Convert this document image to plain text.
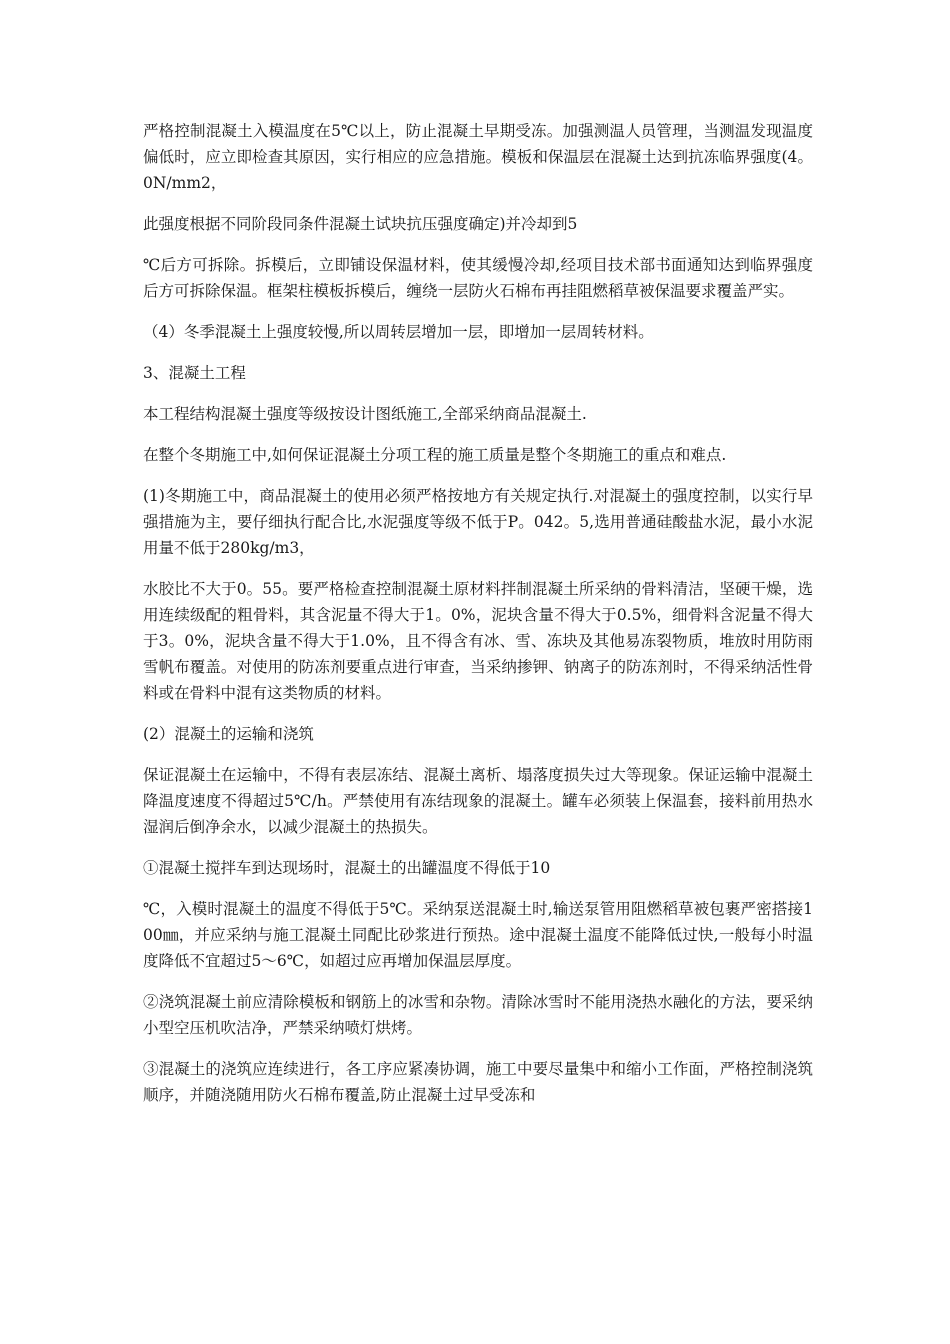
严格控制混凝土入模温度在5℃以上，防止混凝土早期受冻。加强测温人员管理，当测温发现温度偏低时，应立即检查其原因，实行相应的应急措施。模板和保温层在混凝土达到抗冻临界强度(4。0N/mm2，

此强度根据不同阶段同条件混凝土试块抗压强度确定)并冷却到5

℃后方可拆除。拆模后，立即铺设保温材料，使其缓慢冷却,经项目技术部书面通知达到临界强度后方可拆除保温。框架柱模板拆模后，缠绕一层防火石棉布再挂阻燃稻草被保温要求覆盖严实。

（4）冬季混凝土上强度较慢,所以周转层增加一层，即增加一层周转材料。

3、混凝土工程

本工程结构混凝土强度等级按设计图纸施工,全部采纳商品混凝土.

在整个冬期施工中,如何保证混凝土分项工程的施工质量是整个冬期施工的重点和难点.

(1)冬期施工中，商品混凝土的使用必须严格按地方有关规定执行.对混凝土的强度控制，以实行早强措施为主，要仔细执行配合比,水泥强度等级不低于P。042。5,选用普通硅酸盐水泥，最小水泥用量不低于280kg/m3，

水胶比不大于0。55。要严格检查控制混凝土原材料拌制混凝土所采纳的骨料清洁，坚硬干燥，选用连续级配的粗骨料，其含泥量不得大于1。0%，泥块含量不得大于0.5%，细骨料含泥量不得大于3。0%，泥块含量不得大于1.0%，且不得含有冰、雪、冻块及其他易冻裂物质，堆放时用防雨雪帆布覆盖。对使用的防冻剂要重点进行审查，当采纳掺钾、钠离子的防冻剂时，不得采纳活性骨料或在骨料中混有这类物质的材料。

(2）混凝土的运输和浇筑

保证混凝土在运输中，不得有表层冻结、混凝土离析、塌落度损失过大等现象。保证运输中混凝土降温度速度不得超过5℃/h。严禁使用有冻结现象的混凝土。罐车必须装上保温套，接料前用热水湿润后倒净余水，以减少混凝土的热损失。

①混凝土搅拌车到达现场时，混凝土的出罐温度不得低于10

℃，入模时混凝土的温度不得低于5℃。采纳泵送混凝土时,输送泵管用阻燃稻草被包裹严密搭接100㎜，并应采纳与施工混凝土同配比砂浆进行预热。途中混凝土温度不能降低过快,一般每小时温度降低不宜超过5～6℃，如超过应再增加保温层厚度。

②浇筑混凝土前应清除模板和钢筋上的冰雪和杂物。清除冰雪时不能用浇热水融化的方法，要采纳小型空压机吹洁净，严禁采纳喷灯烘烤。

③混凝土的浇筑应连续进行，各工序应紧凑协调，施工中要尽量集中和缩小工作面，严格控制浇筑顺序，并随浇随用防火石棉布覆盖,防止混凝土过早受冻和
